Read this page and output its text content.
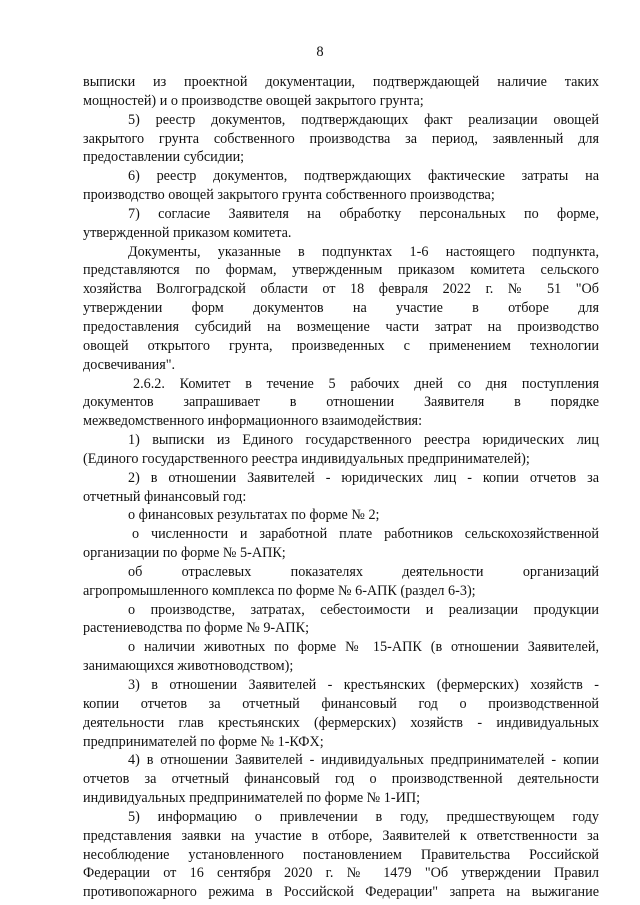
8
выписки из проектной документации, подтверждающей наличие таких
мощностей) и о производстве овощей закрытого грунта;
5) реестр документов, подтверждающих факт реализации овощей
закрытого грунта собственного производства за период, заявленный для
предоставлении субсидии;
6) реестр документов, подтверждающих фактические затраты на
производство овощей закрытого грунта собственного производства;
7) согласие Заявителя на обработку персональных по форме,
утвержденной приказом комитета.
Документы, указанные в подпунктах 1-6 настоящего подпункта,
представляются по формам, утвержденным приказом комитета сельского
хозяйства Волгоградской области от 18 февраля 2022 г. № 51 "Об
утверждении форм документов на участие в отборе для
предоставления субсидий на возмещение части затрат на производство
овощей открытого грунта, произведенных с применением технологии
досвечивания".
2.6.2. Комитет в течение 5 рабочих дней со дня поступления
документов запрашивает в отношении Заявителя в порядке
межведомственного информационного взаимодействия:
1) выписки из Единого государственного реестра юридических лиц
(Единого государственного реестра индивидуальных предпринимателей);
2) в отношении Заявителей - юридических лиц - копии отчетов за
отчетный финансовый год:
о финансовых результатах по форме № 2;
о численности и заработной плате работников сельскохозяйственной
организации по форме № 5-АПК;
об отраслевых показателях деятельности организаций
агропромышленного комплекса по форме № 6-АПК (раздел 6-3);
о производстве, затратах, себестоимости и реализации продукции
растениеводства по форме № 9-АПК;
о наличии животных по форме № 15-АПК (в отношении Заявителей,
занимающихся животноводством);
3) в отношении Заявителей - крестьянских (фермерских) хозяйств -
копии отчетов за отчетный финансовый год о производственной
деятельности глав крестьянских (фермерских) хозяйств - индивидуальных
предпринимателей по форме № 1-КФХ;
4) в отношении Заявителей - индивидуальных предпринимателей - копии
отчетов за отчетный финансовый год о производственной деятельности
индивидуальных предпринимателей по форме № 1-ИП;
5) информацию о привлечении в году, предшествующем году
представления заявки на участие в отборе, Заявителей к ответственности за
несоблюдение установленного постановлением Правительства Российской
Федерации от 16 сентября 2020 г. № 1479 "Об утверждении Правил
противопожарного режима в Российской Федерации" запрета на выжигание
